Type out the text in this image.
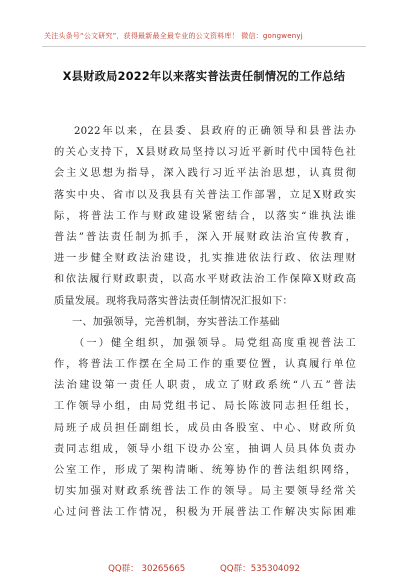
关注头条号“公文研究”，获得最新最全最专业的公文资料库！ 微信：gongwenyj
X县财政局2022年以来落实普法责任制情况的工作总结
2022年以来，在县委、县政府的正确领导和县普法办
的关心支持下，X县财政局坚持以习近平新时代中国特色社
会主义思想为指导，深入践行习近平法治思想，认真贯彻
落实中央、省市以及我县有关普法工作部署，立足X财政实
际，将普法工作与财政建设紧密结合，以落实“谁执法谁
普法”普法责任制为抓手，深入开展财政法治宣传教育，
进一步健全财政法治建设，扎实推进依法行政、依法理财
和依法履行财政职责，以高水平财政法治工作保障X财政高
质量发展。现将我局落实普法责任制情况汇报如下：
一、加强领导，完善机制，夯实普法工作基础
（一）健全组织，加强领导。局党组高度重视普法工
作，将普法工作摆在全局工作的重要位置，认真履行单位
法治建设第一责任人职责，成立了财政系统“八五”普法
工作领导小组，由局党组书记、局长陈波同志担任组长，
局班子成员担任副组长，成员由各股室、中心、财政所负
责同志组成，领导小组下设办公室，抽调人员具体负责办
公室工作，形成了架构清晰、统筹协作的普法组织网络，
切实加强对财政系统普法工作的领导。局主要领导经常关
心过问普法工作情况，积极为开展普法工作解决实际困难
QQ群： 30265665	QQ群：535304092
